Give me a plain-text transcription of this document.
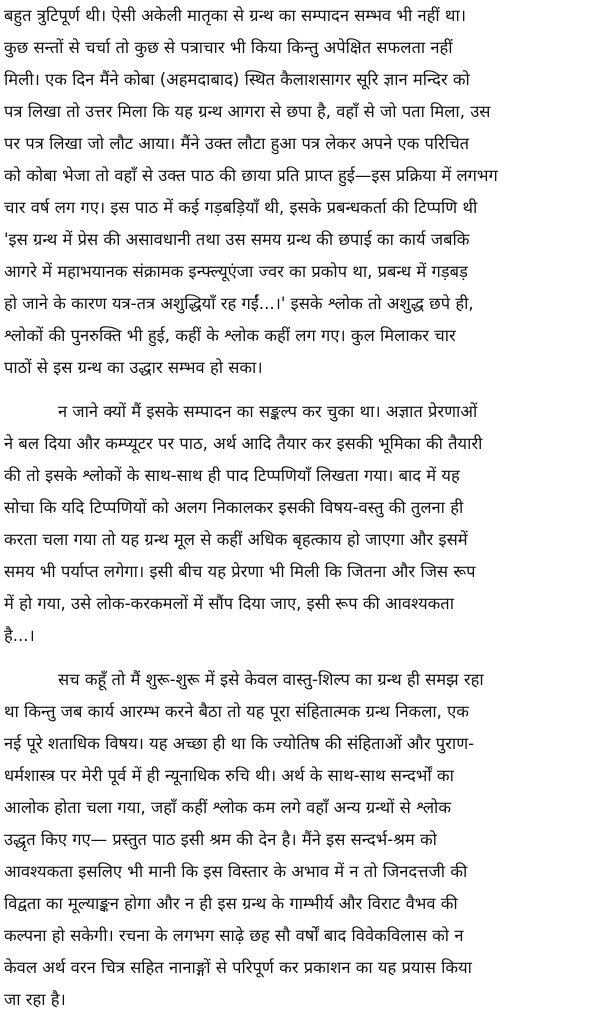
बहुत त्रुटिपूर्ण थी। ऐसी अकेली मातृका से ग्रन्थ का सम्पादन सम्भव भी नहीं था।
कुछ सन्तों से चर्चा तो कुछ से पत्राचार भी किया किन्तु अपेक्षित सफलता नहीं
मिली। एक दिन मैंने कोबा (अहमदाबाद) स्थित कैलाशसागर सूरि ज्ञान मन्दिर को
पत्र लिखा तो उत्तर मिला कि यह ग्रन्थ आगरा से छपा है, वहाँ से जो पता मिला, उस
पर पत्र लिखा जो लौट आया। मैंने उक्त लौटा हुआ पत्र लेकर अपने एक परिचित
को कोबा भेजा तो वहाँ से उक्त पाठ की छाया प्रति प्राप्त हुई—इस प्रक्रिया में लगभग
चार वर्ष लग गए। इस पाठ में कई गड़बड़ियाँ थी, इसके प्रबन्धकर्ता की टिप्पणि थी
'इस ग्रन्थ में प्रेस की असावधानी तथा उस समय ग्रन्थ की छपाई का कार्य जबकि
आगरे में महाभयानक संक्रामक इन्फ्ल्यूएंजा ज्वर का प्रकोप था, प्रबन्ध में गड़बड़
हो जाने के कारण यत्र-तत्र अशुद्धियाँ रह गईं...।' इसके श्लोक तो अशुद्ध छपे ही,
श्लोकों की पुनरुक्ति भी हुई, कहीं के श्लोक कहीं लग गए। कुल मिलाकर चार
पाठों से इस ग्रन्थ का उद्धार सम्भव हो सका।
न जाने क्यों मैं इसके सम्पादन का सङ्कल्प कर चुका था। अज्ञात प्रेरणाओं
ने बल दिया और कम्प्यूटर पर पाठ, अर्थ आदि तैयार कर इसकी भूमिका की तैयारी
की तो इसके श्लोकों के साथ-साथ ही पाद टिप्पणियाँ लिखता गया। बाद में यह
सोचा कि यदि टिप्पणियों को अलग निकालकर इसकी विषय-वस्तु की तुलना ही
करता चला गया तो यह ग्रन्थ मूल से कहीं अधिक बृहत्काय हो जाएगा और इसमें
समय भी पर्याप्त लगेगा। इसी बीच यह प्रेरणा भी मिली कि जितना और जिस रूप
में हो गया, उसे लोक-करकमलों में सौंप दिया जाए, इसी रूप की आवश्यकता
है...।
सच कहूँ तो मैं शुरू-शुरू में इसे केवल वास्तु-शिल्प का ग्रन्थ ही समझ रहा
था किन्तु जब कार्य आरम्भ करने बैठा तो यह पूरा संहितात्मक ग्रन्थ निकला, एक
नई पूरे शताधिक विषय। यह अच्छा ही था कि ज्योतिष की संहिताओं और पुराण-
धर्मशास्त्र पर मेरी पूर्व में ही न्यूनाधिक रुचि थी। अर्थ के साथ-साथ सन्दर्भों का
आलोक होता चला गया, जहाँ कहीं श्लोक कम लगे वहाँ अन्य ग्रन्थों से श्लोक
उद्धृत किए गए— प्रस्तुत पाठ इसी श्रम की देन है। मैंने इस सन्दर्भ-श्रम को
आवश्यकता इसलिए भी मानी कि इस विस्तार के अभाव में न तो जिनदत्तजी की
विद्वता का मूल्याङ्कन होगा और न ही इस ग्रन्थ के गाम्भीर्य और विराट वैभव की
कल्पना हो सकेगी। रचना के लगभग साढ़े छह सौ वर्षों बाद विवेकविलास को न
केवल अर्थ वरन चित्र सहित नानाङ्गों से परिपूर्ण कर प्रकाशन का यह प्रयास किया
जा रहा है।
